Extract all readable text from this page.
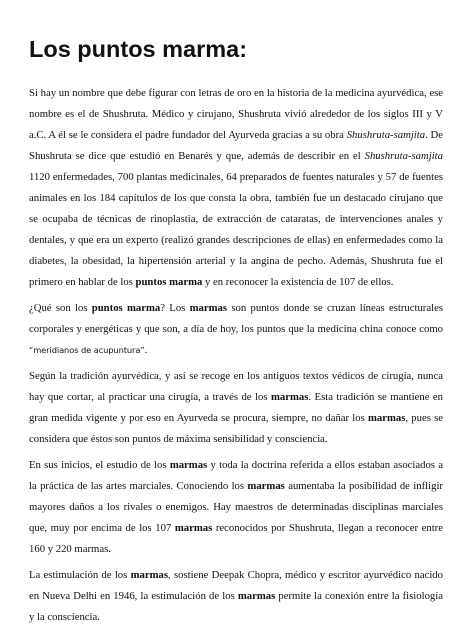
Los puntos marma:

Si hay un nombre que debe figurar con letras de oro en la historia de la medicina ayurvédica, ese nombre es el de Shushruta. Médico y cirujano, Shushruta vivió alrededor de los siglos III y V a.C. A él se le considera el padre fundador del Ayurveda gracias a su obra Shushruta-samjita. De Shushruta se dice que estudió en Benarés y que, además de describir en el Shushruta-samjita 1120 enfermedades, 700 plantas medicinales, 64 preparados de fuentes naturales y 57 de fuentes animales en los 184 capítulos de los que consta la obra, también fue un destacado cirujano que se ocupaba de técnicas de rinoplastia, de extracción de cataratas, de intervenciones anales y dentales, y que era un experto (realizó grandes descripciones de ellas) en enfermedades como la diabetes, la obesidad, la hipertensión arterial y la angina de pecho. Además, Shushruta fue el primero en hablar de los puntos marma y en reconocer la existencia de 107 de ellos.

¿Qué son los puntos marma? Los marmas son puntos donde se cruzan líneas estructurales corporales y energéticas y que son, a día de hoy, los puntos que la medicina china conoce como “meridianos de acupuntura”.

Según la tradición ayurvédica, y así se recoge en los antiguos textos védicos de cirugía, nunca hay que cortar, al practicar una cirugía, a través de los marmas. Esta tradición se mantiene en gran medida vigente y por eso en Ayurveda se procura, siempre, no dañar los marmas, pues se considera que éstos son puntos de máxima sensibilidad y consciencia.

En sus inicios, el estudio de los marmas y toda la doctrina referida a ellos estaban asociados a la práctica de las artes marciales. Conociendo los marmas aumentaba la posibilidad de infligir mayores daños a los rivales o enemigos. Hay maestros de determinadas disciplinas marciales que, muy por encima de los 107 marmas reconocidos por Shushruta, llegan a reconocer entre 160 y 220 marmas.

La estimulación de los marmas, sostiene Deepak Chopra, médico y escritor ayurvédico nacido en Nueva Delhi en 1946, la estimulación de los marmas permite la conexión entre la fisiología y la consciencia.
